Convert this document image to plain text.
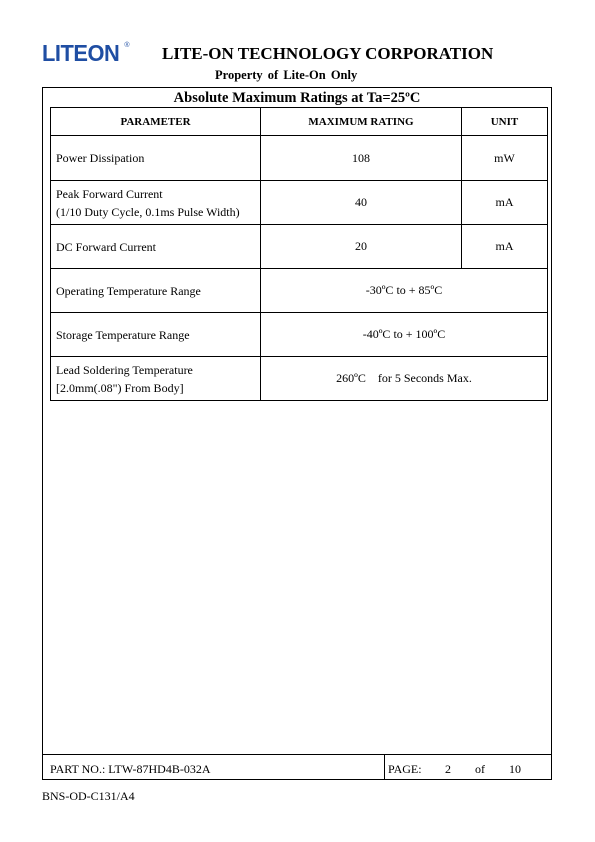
LITEON ® LITE-ON TECHNOLOGY CORPORATION
Property of Lite-On Only
Absolute Maximum Ratings at Ta=25ºC
PARAMETER	MAXIMUM RATING	UNIT
Power Dissipation	108	mW

Peak Forward Current
(1/10 Duty Cycle, 0.1ms Pulse Width)	40	mA
DC Forward Current	20	mA
Operating Temperature Range	-30ºC to + 85ºC	
Storage Temperature Range	-40ºC to + 100ºC	

Lead Soldering Temperature
[2.0mm(.08") From Body]	260ºC    for 5 Seconds Max.	
PART NO.: LTW-87HD4B-032A	PAGE: 2 of 10
BNS-OD-C131/A4
